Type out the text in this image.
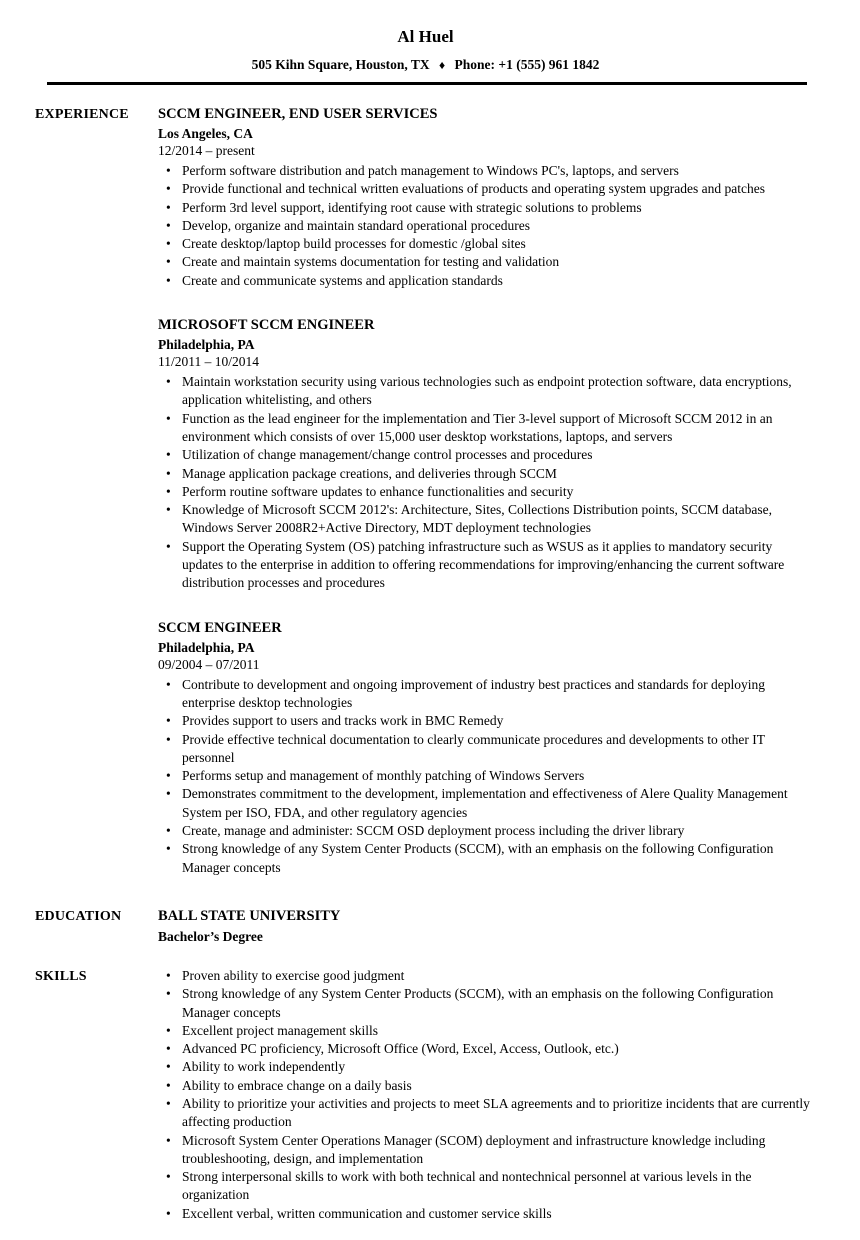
Al Huel
505 Kihn Square, Houston, TX ♦ Phone: +1 (555) 961 1842
EXPERIENCE	SCCM ENGINEER, END USER SERVICES
Los Angeles, CA
12/2014 – present
• Perform software distribution and patch management to Windows PC's, laptops, and servers
• Provide functional and technical written evaluations of products and operating system upgrades and patches
• Perform 3rd level support, identifying root cause with strategic solutions to problems
• Develop, organize and maintain standard operational procedures
• Create desktop/laptop build processes for domestic /global sites
• Create and maintain systems documentation for testing and validation
• Create and communicate systems and application standards
MICROSOFT SCCM ENGINEER
Philadelphia, PA
11/2011 – 10/2014
• Maintain workstation security using various technologies such as endpoint protection software, data encryptions, application whitelisting, and others
• Function as the lead engineer for the implementation and Tier 3-level support of Microsoft SCCM 2012 in an environment which consists of over 15,000 user desktop workstations, laptops, and servers
• Utilization of change management/change control processes and procedures
• Manage application package creations, and deliveries through SCCM
• Perform routine software updates to enhance functionalities and security
• Knowledge of Microsoft SCCM 2012's: Architecture, Sites, Collections Distribution points, SCCM database, Windows Server 2008R2+Active Directory, MDT deployment technologies
• Support the Operating System (OS) patching infrastructure such as WSUS as it applies to mandatory security updates to the enterprise in addition to offering recommendations for improving/enhancing the current software distribution processes and procedures
SCCM ENGINEER
Philadelphia, PA
09/2004 – 07/2011
• Contribute to development and ongoing improvement of industry best practices and standards for deploying enterprise desktop technologies
• Provides support to users and tracks work in BMC Remedy
• Provide effective technical documentation to clearly communicate procedures and developments to other IT personnel
• Performs setup and management of monthly patching of Windows Servers
• Demonstrates commitment to the development, implementation and effectiveness of Alere Quality Management System per ISO, FDA, and other regulatory agencies
• Create, manage and administer: SCCM OSD deployment process including the driver library
• Strong knowledge of any System Center Products (SCCM), with an emphasis on the following Configuration Manager concepts
EDUCATION	BALL STATE UNIVERSITY
Bachelor’s Degree
SKILLS	• Proven ability to exercise good judgment
• Strong knowledge of any System Center Products (SCCM), with an emphasis on the following Configuration Manager concepts
• Excellent project management skills
• Advanced PC proficiency, Microsoft Office (Word, Excel, Access, Outlook, etc.)
• Ability to work independently
• Ability to embrace change on a daily basis
• Ability to prioritize your activities and projects to meet SLA agreements and to prioritize incidents that are currently affecting production
• Microsoft System Center Operations Manager (SCOM) deployment and infrastructure knowledge including troubleshooting, design, and implementation
• Strong interpersonal skills to work with both technical and nontechnical personnel at various levels in the organization
• Excellent verbal, written communication and customer service skills
